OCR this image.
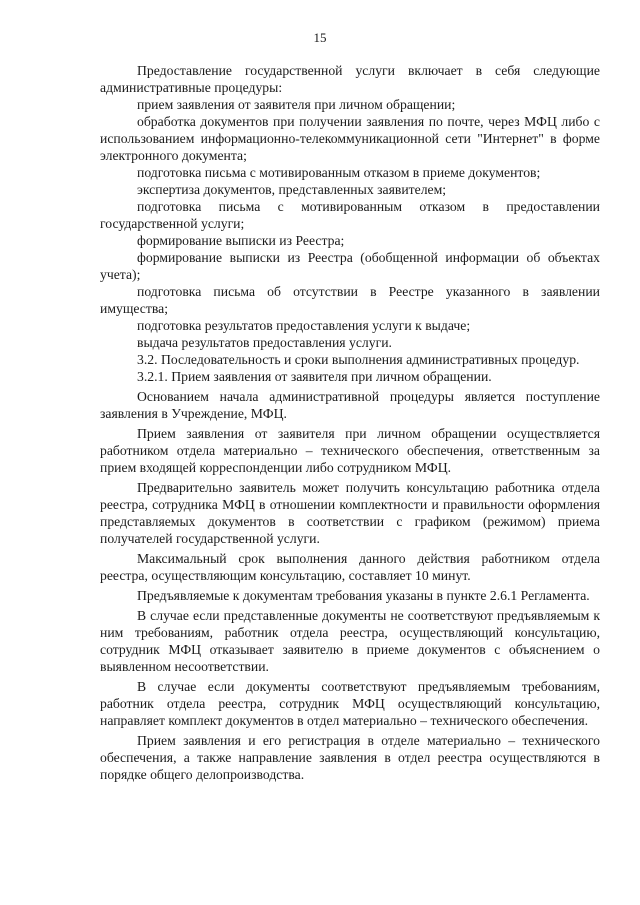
15

Предоставление государственной услуги включает в себя следующие административные процедуры:

прием заявления от заявителя при личном обращении;

обработка документов при получении заявления по почте, через МФЦ либо с использованием информационно-телекоммуникационной сети "Интернет" в форме электронного документа;

подготовка письма с мотивированным отказом в приеме документов;

экспертиза документов, представленных заявителем;

подготовка письма с мотивированным отказом в предоставлении государственной услуги;

формирование выписки из Реестра;

формирование выписки из Реестра (обобщенной информации об объектах учета);

подготовка письма об отсутствии в Реестре указанного в заявлении имущества;

подготовка результатов предоставления услуги к выдаче;

выдача результатов предоставления услуги.

3.2. Последовательность и сроки выполнения административных процедур.

3.2.1. Прием заявления от заявителя при личном обращении.

Основанием начала административной процедуры является поступление заявления в Учреждение, МФЦ.

Прием заявления от заявителя при личном обращении осуществляется работником отдела материально – технического обеспечения, ответственным за прием входящей корреспонденции либо сотрудником МФЦ.

Предварительно заявитель может получить консультацию работника отдела реестра, сотрудника МФЦ в отношении комплектности и правильности оформления представляемых документов в соответствии с графиком (режимом) приема получателей государственной услуги.

Максимальный срок выполнения данного действия работником отдела реестра, осуществляющим консультацию, составляет 10 минут.

Предъявляемые к документам требования указаны в пункте 2.6.1 Регламента.

В случае если представленные документы не соответствуют предъявляемым к ним требованиям, работник отдела реестра, осуществляющий консультацию, сотрудник МФЦ отказывает заявителю в приеме документов с объяснением о выявленном несоответствии.

В случае если документы соответствуют предъявляемым требованиям, работник отдела реестра, сотрудник МФЦ осуществляющий консультацию, направляет комплект документов в отдел материально – технического обеспечения.

Прием заявления и его регистрация в отделе материально – технического обеспечения, а также направление заявления в отдел реестра осуществляются в порядке общего делопроизводства.
